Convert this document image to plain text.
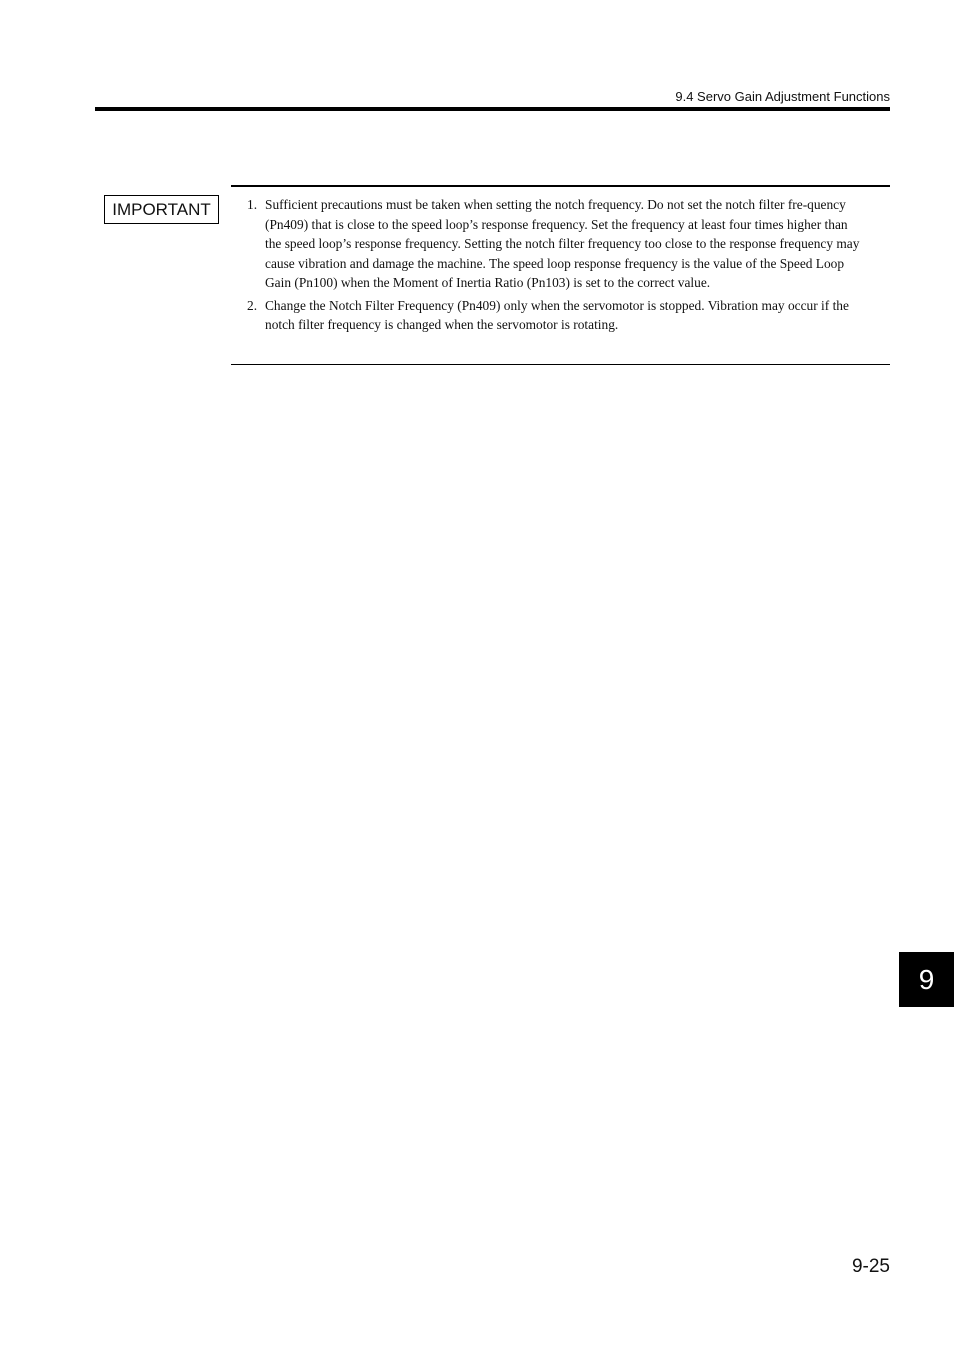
9.4 Servo Gain Adjustment Functions
IMPORTANT	1. Sufficient precautions must be taken when setting the notch frequency. Do not set the notch filter fre-quency (Pn409) that is close to the speed loop’s response frequency. Set the frequency at least four times higher than the speed loop’s response frequency. Setting the notch filter frequency too close to the response frequency may cause vibration and damage the machine. The speed loop response frequency is the value of the Speed Loop Gain (Pn100) when the Moment of Inertia Ratio (Pn103) is set to the correct value.
2. Change the Notch Filter Frequency (Pn409) only when the servomotor is stopped. Vibration may occur if the notch filter frequency is changed when the servomotor is rotating.
9
9-25
